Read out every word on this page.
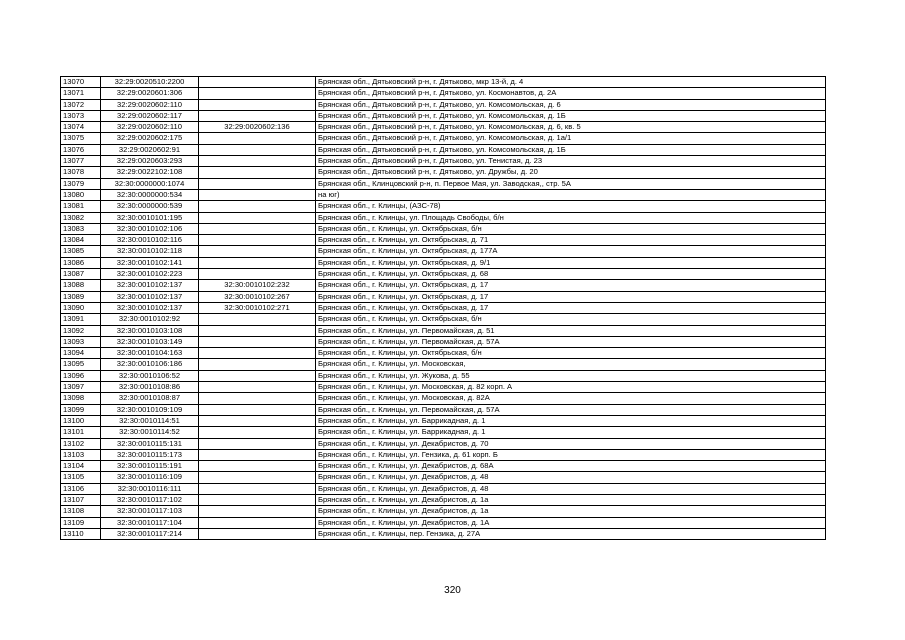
13070	32:29:0020510:2200		Брянская обл., Дятьковский р-н, г. Дятьково, мкр 13-й, д. 4
13071	32:29:0020601:306		Брянская обл., Дятьковский р-н, г. Дятьково, ул. Космонавтов, д. 2А
13072	32:29:0020602:110		Брянская обл., Дятьковский р-н, г. Дятьково, ул. Комсомольская, д. 6
13073	32:29:0020602:117		Брянская обл., Дятьковский р-н, г. Дятьково, ул. Комсомольская, д. 1Б
13074	32:29:0020602:110	32:29:0020602:136	Брянская обл., Дятьковский р-н, г. Дятьково, ул. Комсомольская, д. 6, кв. 5
13075	32:29:0020602:175		Брянская обл., Дятьковский р-н, г. Дятьково, ул. Комсомольская, д. 1а/1
13076	32:29:0020602:91		Брянская обл., Дятьковский р-н, г. Дятьково, ул. Комсомольская, д. 1Б
13077	32:29:0020603:293		Брянская обл., Дятьковский р-н, г. Дятьково, ул. Тенистая, д. 23
13078	32:29:0022102:108		Брянская обл., Дятьковский р-н, г. Дятьково, ул. Дружбы, д. 20
13079	32:30:0000000:1074		Брянская обл., Клинцовский р-н, п. Первое Мая, ул. Заводская,, стр. 5А
13080	32:30:0000000:534		на юг)
13081	32:30:0000000:539		Брянская обл., г. Клинцы, (АЗС-78)
13082	32:30:0010101:195		Брянская обл., г. Клинцы, ул. Площадь Свободы, б/н
13083	32:30:0010102:106		Брянская обл., г. Клинцы, ул. Октябрьская, б/н
13084	32:30:0010102:116		Брянская обл., г. Клинцы, ул. Октябрьская, д. 71
13085	32:30:0010102:118		Брянская обл., г. Клинцы, ул. Октябрьская, д. 177А
13086	32:30:0010102:141		Брянская обл., г. Клинцы, ул. Октябрьская, д. 9/1
13087	32:30:0010102:223		Брянская обл., г. Клинцы, ул. Октябрьская, д. 68
13088	32:30:0010102:137	32:30:0010102:232	Брянская обл., г. Клинцы, ул. Октябрьская, д. 17
13089	32:30:0010102:137	32:30:0010102:267	Брянская обл., г. Клинцы, ул. Октябрьская, д. 17
13090	32:30:0010102:137	32:30:0010102:271	Брянская обл., г. Клинцы, ул. Октябрьская, д. 17
13091	32:30:0010102:92		Брянская обл., г. Клинцы, ул. Октябрьская, б/н
13092	32:30:0010103:108		Брянская обл., г. Клинцы, ул. Первомайская, д. 51
13093	32:30:0010103:149		Брянская обл., г. Клинцы, ул. Первомайская, д. 57А
13094	32:30:0010104:163		Брянская обл., г. Клинцы, ул. Октябрьская, б/н
13095	32:30:0010106:186		Брянская обл., г. Клинцы, ул. Московская,
13096	32:30:0010106:52		Брянская обл., г. Клинцы, ул. Жукова, д. 55
13097	32:30:0010108:86		Брянская обл., г. Клинцы, ул. Московская, д. 82 корп. А
13098	32:30:0010108:87		Брянская обл., г. Клинцы, ул. Московская, д. 82А
13099	32:30:0010109:109		Брянская обл., г. Клинцы, ул. Первомайская, д. 57А
13100	32:30:0010114:51		Брянская обл., г. Клинцы, ул. Баррикадная, д. 1
13101	32:30:0010114:52		Брянская обл., г. Клинцы, ул. Баррикадная, д. 1
13102	32:30:0010115:131		Брянская обл., г. Клинцы, ул. Декабристов, д. 70
13103	32:30:0010115:173		Брянская обл., г. Клинцы, ул. Гензика, д. 61 корп. Б
13104	32:30:0010115:191		Брянская обл., г. Клинцы, ул. Декабристов, д. 68А
13105	32:30:0010116:109		Брянская обл., г. Клинцы, ул. Декабристов, д. 48
13106	32:30:0010116:111		Брянская обл., г. Клинцы, ул. Декабристов, д. 48
13107	32:30:0010117:102		Брянская обл., г. Клинцы, ул. Декабристов, д. 1а
13108	32:30:0010117:103		Брянская обл., г. Клинцы, ул. Декабристов, д. 1а
13109	32:30:0010117:104		Брянская обл., г. Клинцы, ул. Декабристов, д. 1А
13110	32:30:0010117:214		Брянская обл., г. Клинцы, пер. Гензика, д. 27А
320
